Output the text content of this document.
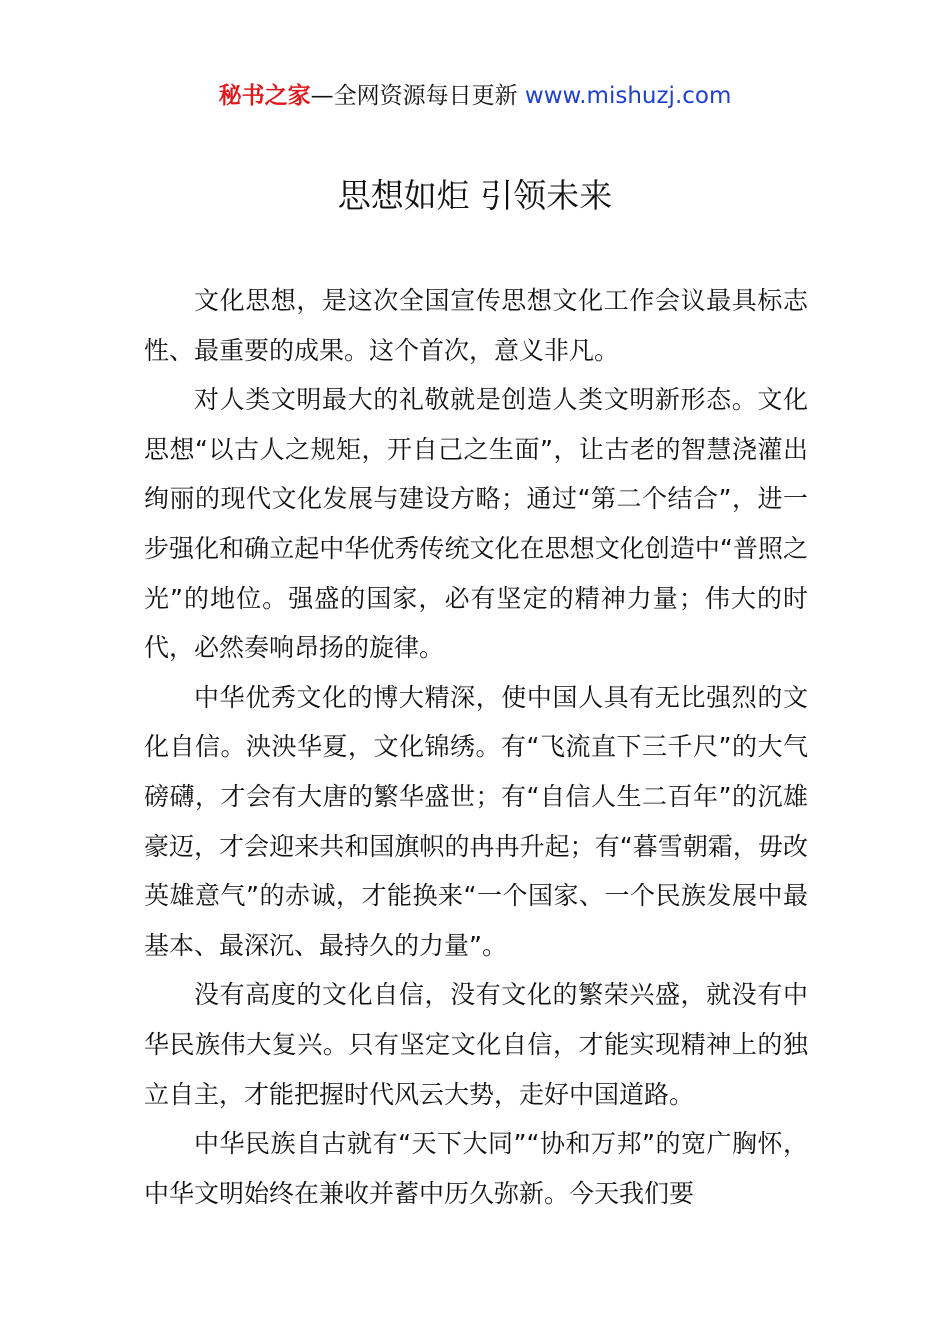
秘书之家—全网资源每日更新 www.mishuzj.com
思想如炬 引领未来

文化思想，是这次全国宣传思想文化工作会议最具标志性、最重要的成果。这个首次，意义非凡。

对人类文明最大的礼敬就是创造人类文明新形态。文化思想“以古人之规矩，开自己之生面”，让古老的智慧浇灌出绚丽的现代文化发展与建设方略；通过“第二个结合”，进一步强化和确立起中华优秀传统文化在思想文化创造中“普照之光”的地位。强盛的国家，必有坚定的精神力量；伟大的时代，必然奏响昂扬的旋律。

中华优秀文化的博大精深，使中国人具有无比强烈的文化自信。泱泱华夏，文化锦绣。有“飞流直下三千尺”的大气磅礴，才会有大唐的繁华盛世；有“自信人生二百年”的沉雄豪迈，才会迎来共和国旗帜的冉冉升起；有“暮雪朝霜，毋改英雄意气”的赤诚，才能换来“一个国家、一个民族发展中最基本、最深沉、最持久的力量”。

没有高度的文化自信，没有文化的繁荣兴盛，就没有中华民族伟大复兴。只有坚定文化自信，才能实现精神上的独立自主，才能把握时代风云大势，走好中国道路。

中华民族自古就有“天下大同”“协和万邦”的宽广胸怀，中华文明始终在兼收并蓄中历久弥新。今天我们要
